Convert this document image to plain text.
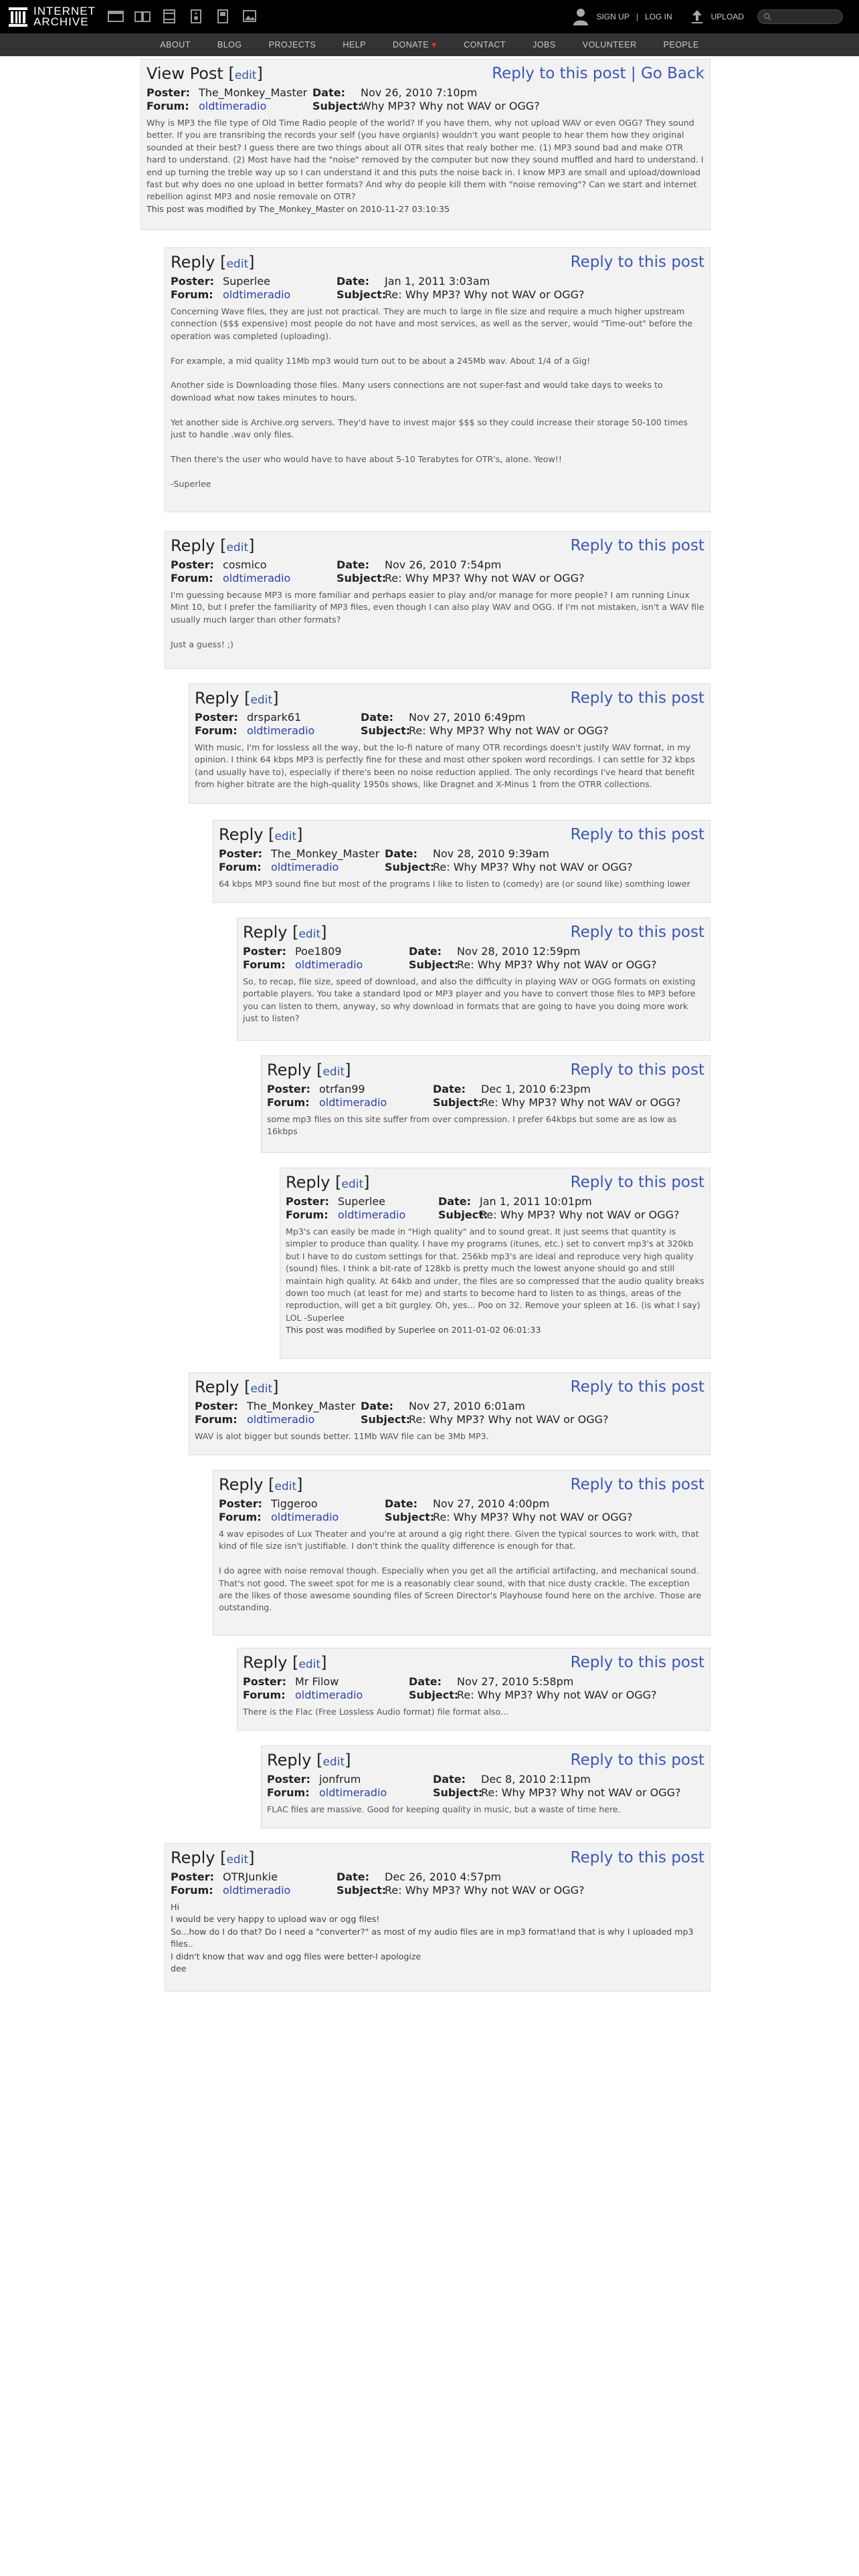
INTERNET
ARCHIVE	SIGN UP | LOG IN	UPLOAD
ABOUT	BLOG	PROJECTS	HELP	DONATE ♥	CONTACT	JOBS	VOLUNTEER	PEOPLE
View Post [edit]	Reply to this post | Go Back
Poster: The_Monkey_Master Date:	Nov 26, 2010 7:10pm
Forum: oldtimeradio	Subject:
Why MP3? Why not WAV or OGG?
Why is MP3 the file type of Old Time Radio people of the world? If you have them, why not upload WAV or even OGG? They sound better. If you are transribing the records your self (you have orgianls) wouldn't you want people to hear them how they original sounded at their best? I guess there are two things about all OTR sites that realy bother me. (1) MP3 sound bad and make OTR hard to understand. (2) Most have had the "noise" removed by the computer but now they sound muffled and hard to understand. I end up turning the treble way up so I can understand it and this puts the noise back in. I know MP3 are small and upload/download fast but why does no one upload in better formats? And why do people kill them with "noise removing"? Can we start and internet rebellion aginst MP3 and nosie removale on OTR?
This post was modified by The_Monkey_Master on 2010-11-27 03:10:35
Reply [edit]	Reply to this post
Poster: Superlee	Date:	Jan 1, 2011 3:03am
Forum: oldtimeradio	Subject:
Re: Why MP3? Why not WAV or OGG?
Concerning Wave files, they are just not practical. They are much to large in file size and require a much higher upstream connection ($$$ expensive) most people do not have and most services, as well as the server, would "Time-out" before the operation was completed (uploading).

For example, a mid quality 11Mb mp3 would turn out to be about a 245Mb wav. About 1/4 of a Gig!

Another side is Downloading those files. Many users connections are not super-fast and would take days to weeks to download what now takes minutes to hours.

Yet another side is Archive.org servers. They'd have to invest major $$$ so they could increase their storage 50-100 times just to handle .wav only files.

Then there's the user who would have to have about 5-10 Terabytes for OTR's, alone. Yeow!!

-Superlee
Reply [edit]	Reply to this post
Poster: cosmico	Date:	Nov 26, 2010 7:54pm
Forum: oldtimeradio	Subject:
Re: Why MP3? Why not WAV or OGG?
I'm guessing because MP3 is more familiar and perhaps easier to play and/or manage for more people? I am running Linux Mint 10, but I prefer the familiarity of MP3 files, even though I can also play WAV and OGG. If I'm not mistaken, isn't a WAV file usually much larger than other formats?

Just a guess! ;)
Reply [edit]	Reply to this post
Poster: drspark61	Date:	Nov 27, 2010 6:49pm
Forum: oldtimeradio	Subject:
Re: Why MP3? Why not WAV or OGG?
With music, I'm for lossless all the way, but the lo-fi nature of many OTR recordings doesn't justify WAV format, in my opinion. I think 64 kbps MP3 is perfectly fine for these and most other spoken word recordings. I can settle for 32 kbps (and usually have to), especially if there's been no noise reduction applied. The only recordings I've heard that benefit from higher bitrate are the high-quality 1950s shows, like Dragnet and X-Minus 1 from the OTRR collections.
Reply [edit]	Reply to this post
Poster: The_Monkey_Master Date:	Nov 28, 2010 9:39am
Forum: oldtimeradio	Subject:
Re: Why MP3? Why not WAV or OGG?
64 kbps MP3 sound fine but most of the programs I like to listen to (comedy) are (or sound like) somthing lower
Reply [edit]	Reply to this post
Poster: Poe1809	Date:	Nov 28, 2010 12:59pm
Forum: oldtimeradio	Subject:
Re: Why MP3? Why not WAV or OGG?
So, to recap, file size, speed of download, and also the difficulty in playing WAV or OGG formats on existing portable players. You take a standard Ipod or MP3 player and you have to convert those files to MP3 before you can listen to them, anyway, so why download in formats that are going to have you doing more work just to listen?
Reply [edit]	Reply to this post
Poster: otrfan99	Date:	Dec 1, 2010 6:23pm
Forum: oldtimeradio	Subject:
Re: Why MP3? Why not WAV or OGG?
some mp3 files on this site suffer from over compression. I prefer 64kbps but some are as low as 16kbps
Reply [edit]	Reply to this post
Poster: Superlee	Date: Jan 1, 2011 10:01pm
Forum: oldtimeradio	Subject:
Re: Why MP3? Why not WAV or OGG?
Mp3's can easily be made in "High quality" and to sound great. It just seems that quantity is simpler to produce than quality. I have my programs (itunes, etc.) set to convert mp3's at 320kb but I have to do custom settings for that. 256kb mp3's are ideal and reproduce very high quality (sound) files. I think a bit-rate of 128kb is pretty much the lowest anyone should go and still maintain high quality. At 64kb and under, the files are so compressed that the audio quality breaks down too much (at least for me) and starts to become hard to listen to as things, areas of the reproduction, will get a bit gurgley. Oh, yes... Poo on 32. Remove your spleen at 16. (is what I say) LOL -Superlee
This post was modified by Superlee on 2011-01-02 06:01:33
Reply [edit]	Reply to this post
Poster: The_Monkey_Master Date:	Nov 27, 2010 6:01am
Forum: oldtimeradio	Subject:
Re: Why MP3? Why not WAV or OGG?
WAV is alot bigger but sounds better. 11Mb WAV file can be 3Mb MP3.
Reply [edit]	Reply to this post
Poster: Tiggeroo	Date:	Nov 27, 2010 4:00pm
Forum: oldtimeradio	Subject:
Re: Why MP3? Why not WAV or OGG?
4 wav episodes of Lux Theater and you're at around a gig right there. Given the typical sources to work with, that kind of file size isn't justifiable. I don't think the quality difference is enough for that.

I do agree with noise removal though. Especially when you get all the artificial artifacting, and mechanical sound. That's not good. The sweet spot for me is a reasonably clear sound, with that nice dusty crackle. The exception are the likes of those awesome sounding files of Screen Director's Playhouse found here on the archive. Those are outstanding.
Reply [edit]	Reply to this post
Poster: Mr Filow	Date:	Nov 27, 2010 5:58pm
Forum: oldtimeradio	Subject:
Re: Why MP3? Why not WAV or OGG?
There is the Flac (Free Lossless Audio format) file format also...
Reply [edit]	Reply to this post
Poster: jonfrum	Date:	Dec 8, 2010 2:11pm
Forum: oldtimeradio	Subject:
Re: Why MP3? Why not WAV or OGG?
FLAC files are massive. Good for keeping quality in music, but a waste of time here.
Reply [edit]	Reply to this post
Poster: OTRJunkie	Date:	Dec 26, 2010 4:57pm
Forum: oldtimeradio	Subject:
Re: Why MP3? Why not WAV or OGG?
Hi
I would be very happy to upload wav or ogg files!
So...how do I do that? Do I need a "converter?" as most of my audio files are in mp3 format!and that is why I uploaded mp3 files..
I didn't know that wav and ogg files were better-I apologize
dee
